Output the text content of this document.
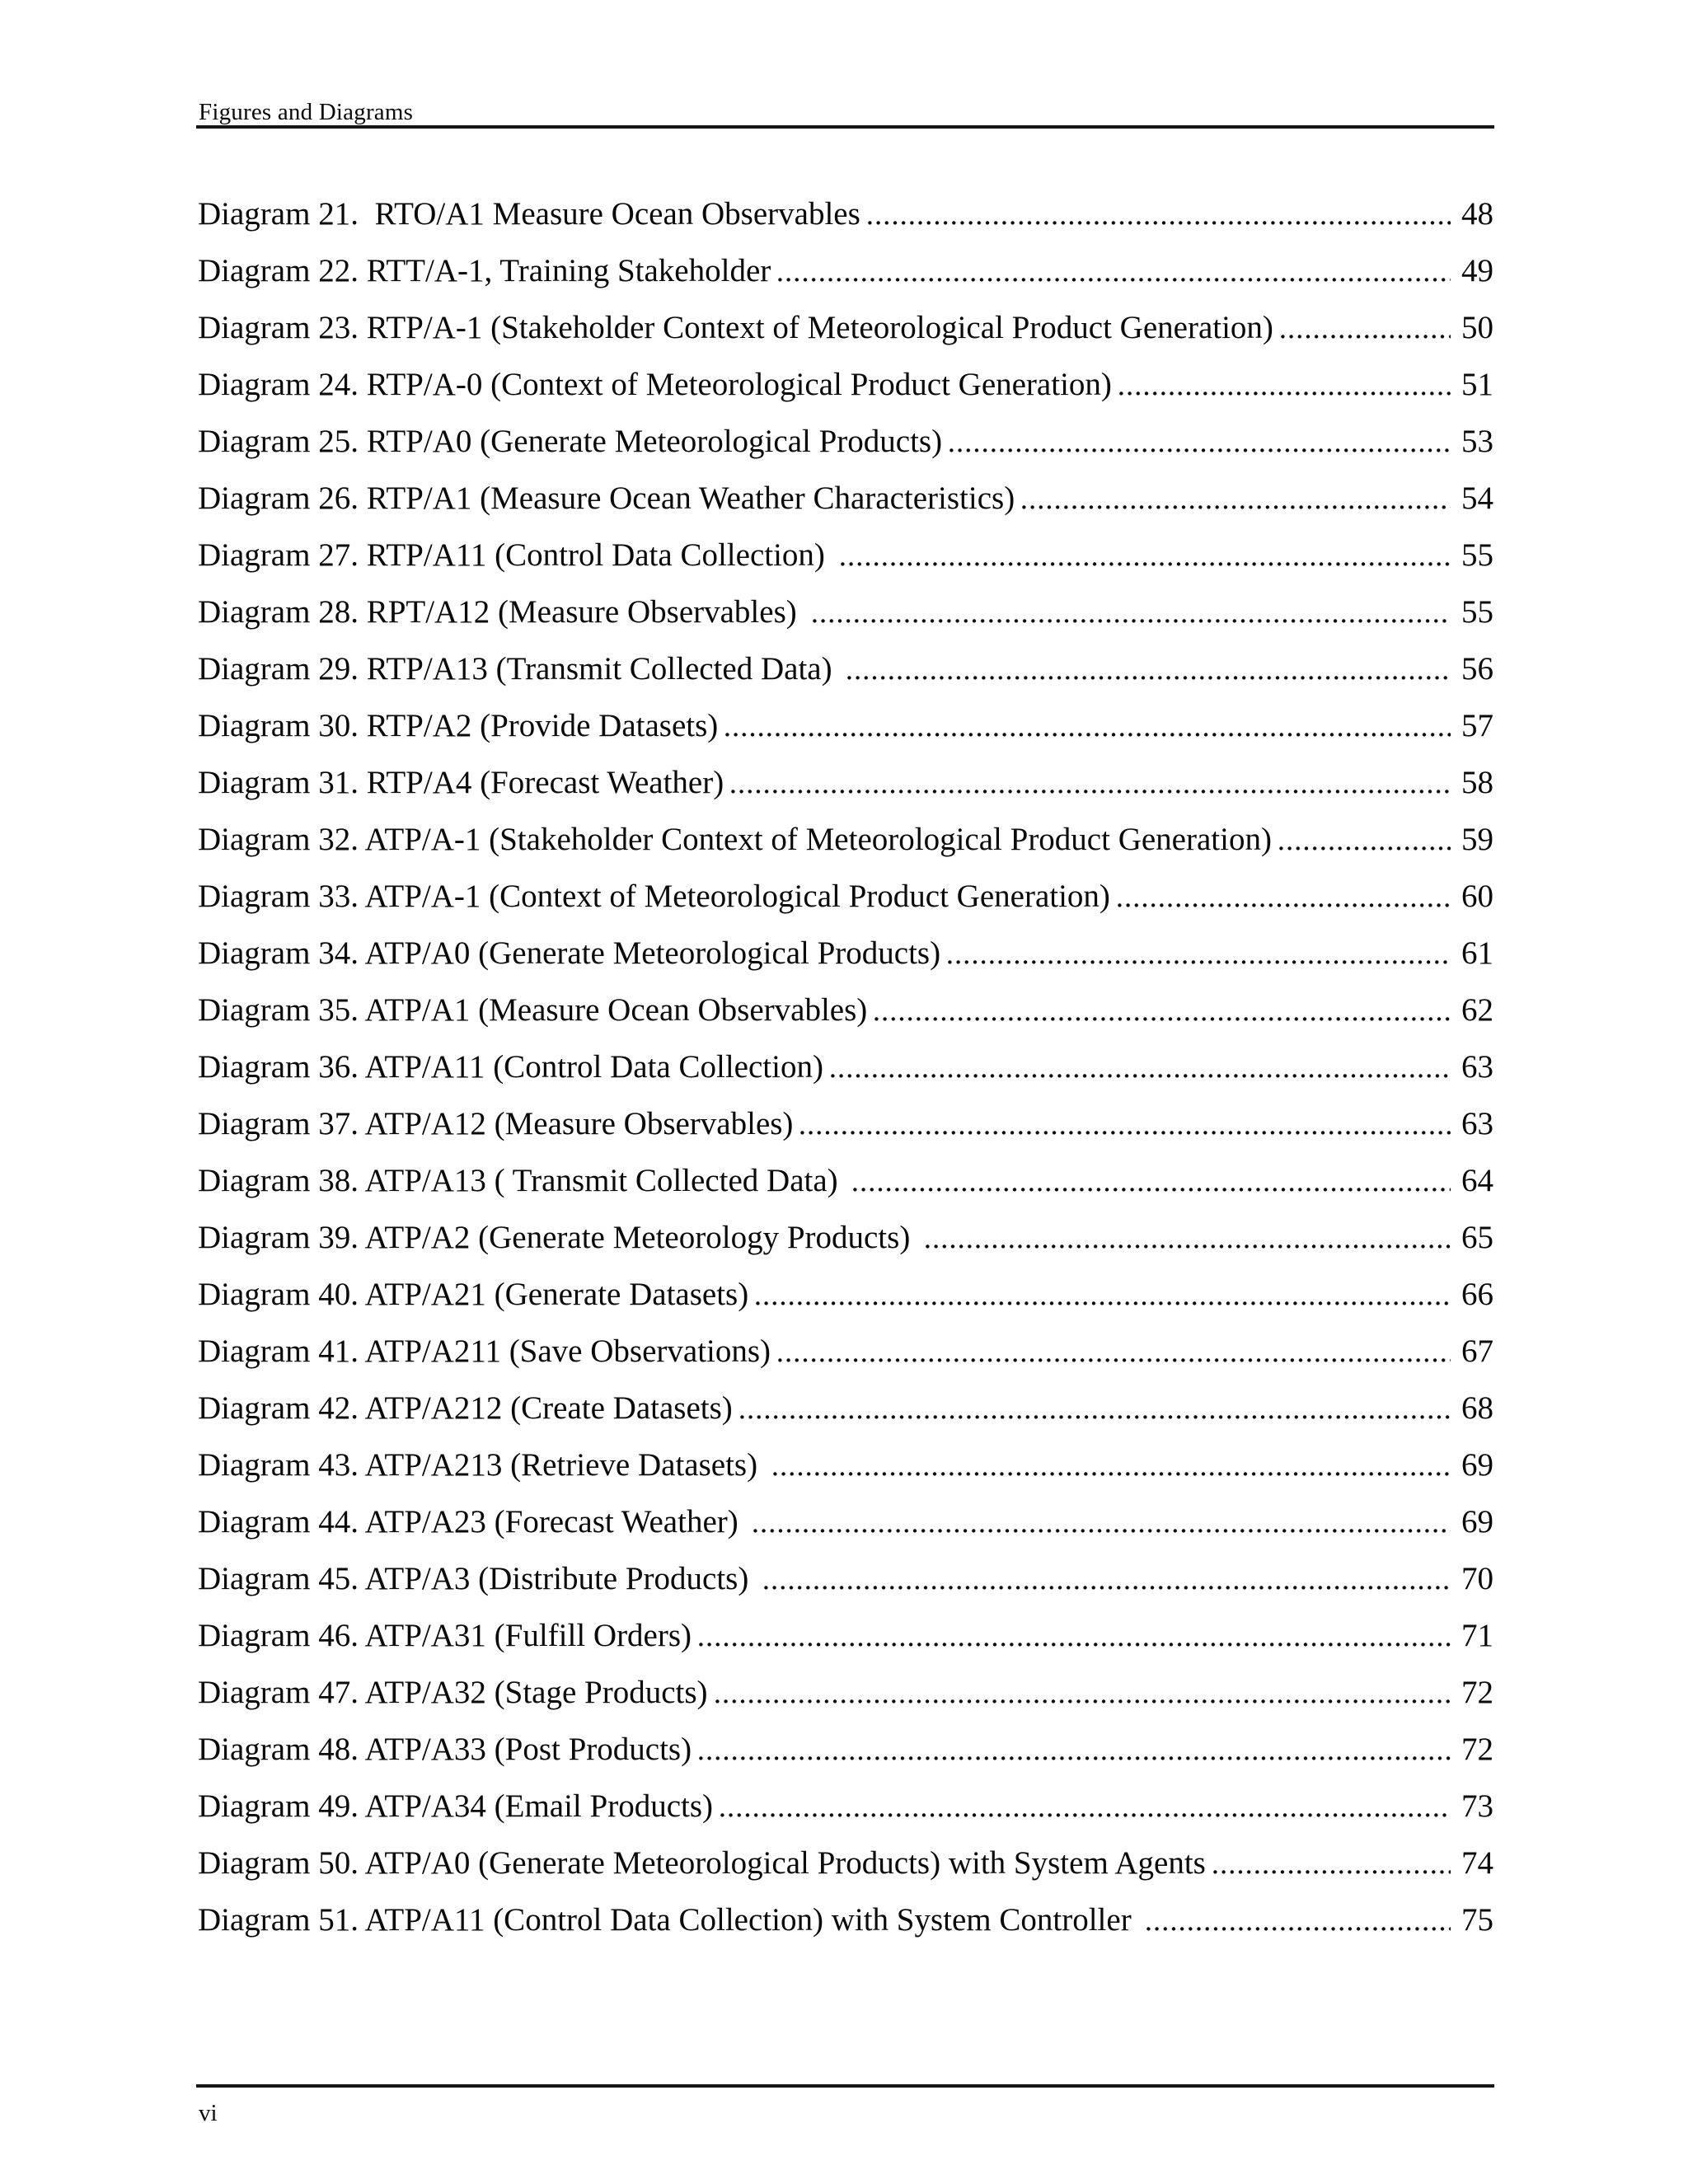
Figures and Diagrams
Diagram 21.  RTO/A1 Measure Ocean Observables	48
Diagram 22. RTT/A-1, Training Stakeholder	49
Diagram 23. RTP/A-1 (Stakeholder Context of Meteorological Product Generation)	50
Diagram 24. RTP/A-0 (Context of Meteorological Product Generation)	51
Diagram 25. RTP/A0 (Generate Meteorological Products)	53
Diagram 26. RTP/A1 (Measure Ocean Weather Characteristics)	54
Diagram 27. RTP/A11 (Control Data Collection)	55
Diagram 28. RPT/A12 (Measure Observables)	55
Diagram 29. RTP/A13 (Transmit Collected Data)	56
Diagram 30. RTP/A2 (Provide Datasets)	57
Diagram 31. RTP/A4 (Forecast Weather)	58
Diagram 32. ATP/A-1 (Stakeholder Context of Meteorological Product Generation)	59
Diagram 33. ATP/A-1 (Context of Meteorological Product Generation)	60
Diagram 34. ATP/A0 (Generate Meteorological Products)	61
Diagram 35. ATP/A1 (Measure Ocean Observables)	62
Diagram 36. ATP/A11 (Control Data Collection)	63
Diagram 37. ATP/A12 (Measure Observables)	63
Diagram 38. ATP/A13 ( Transmit Collected Data)	64
Diagram 39. ATP/A2 (Generate Meteorology Products)	65
Diagram 40. ATP/A21 (Generate Datasets)	66
Diagram 41. ATP/A211 (Save Observations)	67
Diagram 42. ATP/A212 (Create Datasets)	68
Diagram 43. ATP/A213 (Retrieve Datasets)	69
Diagram 44. ATP/A23 (Forecast Weather)	69
Diagram 45. ATP/A3 (Distribute Products)	70
Diagram 46. ATP/A31 (Fulfill Orders)	71
Diagram 47. ATP/A32 (Stage Products)	72
Diagram 48. ATP/A33 (Post Products)	72
Diagram 49. ATP/A34 (Email Products)	73
Diagram 50. ATP/A0 (Generate Meteorological Products) with System Agents	74
Diagram 51. ATP/A11 (Control Data Collection) with System Controller	75
vi
